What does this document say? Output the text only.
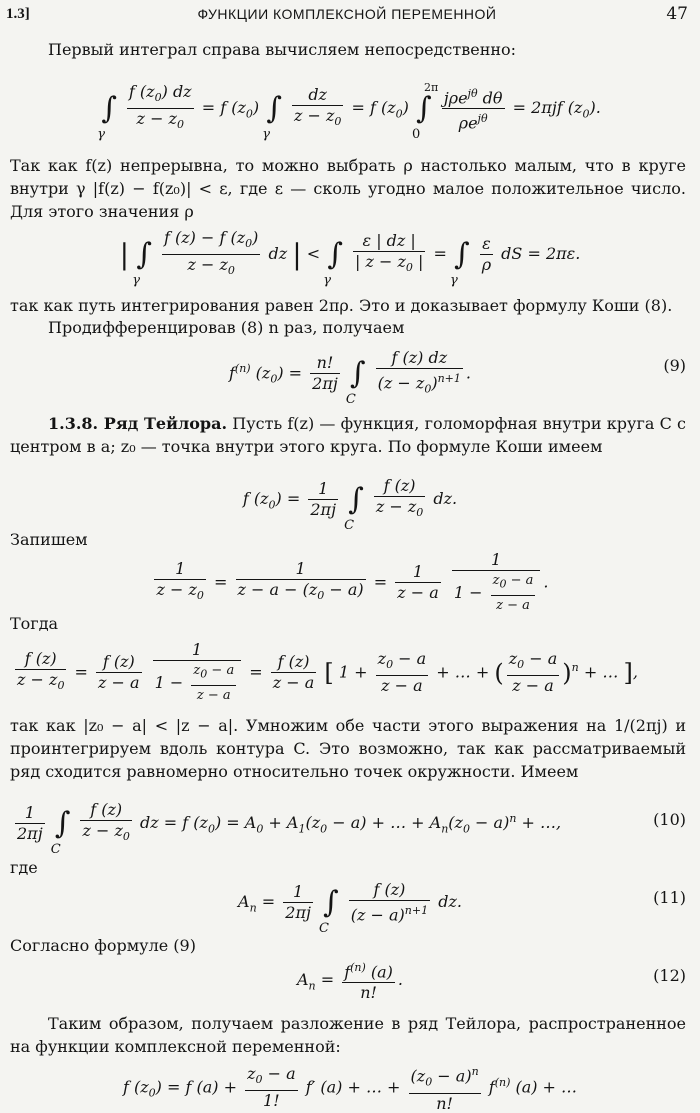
1.3]	ФУНКЦИИ КОМПЛЕКСНОЙ ПЕРЕМЕННОЙ	47
Первый интеграл справа вычисляем непосредственно:
∫
γ
$\frac{f (z_0) dz}{z - z_0} = f$ $(z_0)$ ∫
γ

$\frac{dz}{z - z_0} = f$ $(z_0)$ ∫
2π
0

$\frac{j\rho e^{j\theta} d\theta}{\rho e^{j\theta}} = 2\pi jf$ $(z_0)$.
Так как f(z) непрерывна, то можно выбрать ρ настолько малым, что в круге внутри γ |f(z) − f(z₀)| < ε, где ε — сколь угодно малое положительное число. Для этого значения ρ
| ∫
γ
$\frac{f (z) - f (z_0)}{z - z_0}$ dz | < ∫
γ

$\frac{\varepsilon | dz |}{| z - z_0 |}$ = ∫
γ

$\frac{\varepsilon}{\rho}$ dS = 2πε.
так как путь интегрирования равен 2πρ. Это и доказывает формулу Коши (8).
Продифференцировав (8) n раз, получаем
$f^{(n)}$ $(z_0) = \frac{n!}{2\pi j}$ ∫
C

$\frac{f (z) dz}{(z - z_0)^{n+1}}$ .	(9)
1.3.8. Ряд Тейлора. Пусть f(z) — функция, голоморфная внутри круга C с центром в a; z₀ — точка внутри этого круга. По формуле Коши имеем
f $(z_0) = \frac{1}{2\pi j}$ ∫
C

$\frac{f (z)}{z - z_0}$ dz.
Запишем
$\frac{1}{z - z_0} = \frac{1}{z - a - (z_0 - a)} = \frac{1}{z - a}$
$\frac{1}{1 - \frac{z_0 - a}{z - a}}$ .
Тогда
$\frac{f (z)}{z - z_0} = \frac{f (z)}{z - a}$
$\frac{1}{1 - \frac{z_0 - a}{z - a}} = \frac{f (z)}{z - a}$ [ $1 + \frac{z_0 - a}{z - a}$ + … + ( $\frac{z_0 - a}{z - a} )^n$ + … ],
так как |z₀ − a| < |z − a|. Умножим обе части этого выражения на 1/(2πj) и проинтегрируем вдоль контура C. Это возможно, так как рассматриваемый ряд сходится равномерно относительно точек окружности. Имеем
$\frac{1}{2\pi j}$ ∫
C

$\frac{f (z)}{z - z_0}$ dz = f $(z_0) = A_0 + A_1(z_0 - a)$ + … + $A_n(z_0 - a)^n$ + …,	(10)
где
$A_n = \frac{1}{2\pi j}$ ∫
C

$\frac{f (z)}{(z - a)^{n+1}}$ dz.	(11)
Согласно формуле (9)
$A_n = \frac{f^{(n)} (a)}{n!}$ .	(12)
Таким образом, получаем разложение в ряд Тейлора, распространенное на функции комплексной переменной:
f $(z_0) = f$ $(a) + \frac{z_0 - a}{1!} f'$ (a) + … + $\frac{(z_0 - a)^n}{n!} f^{(n)}$ (a) + …
